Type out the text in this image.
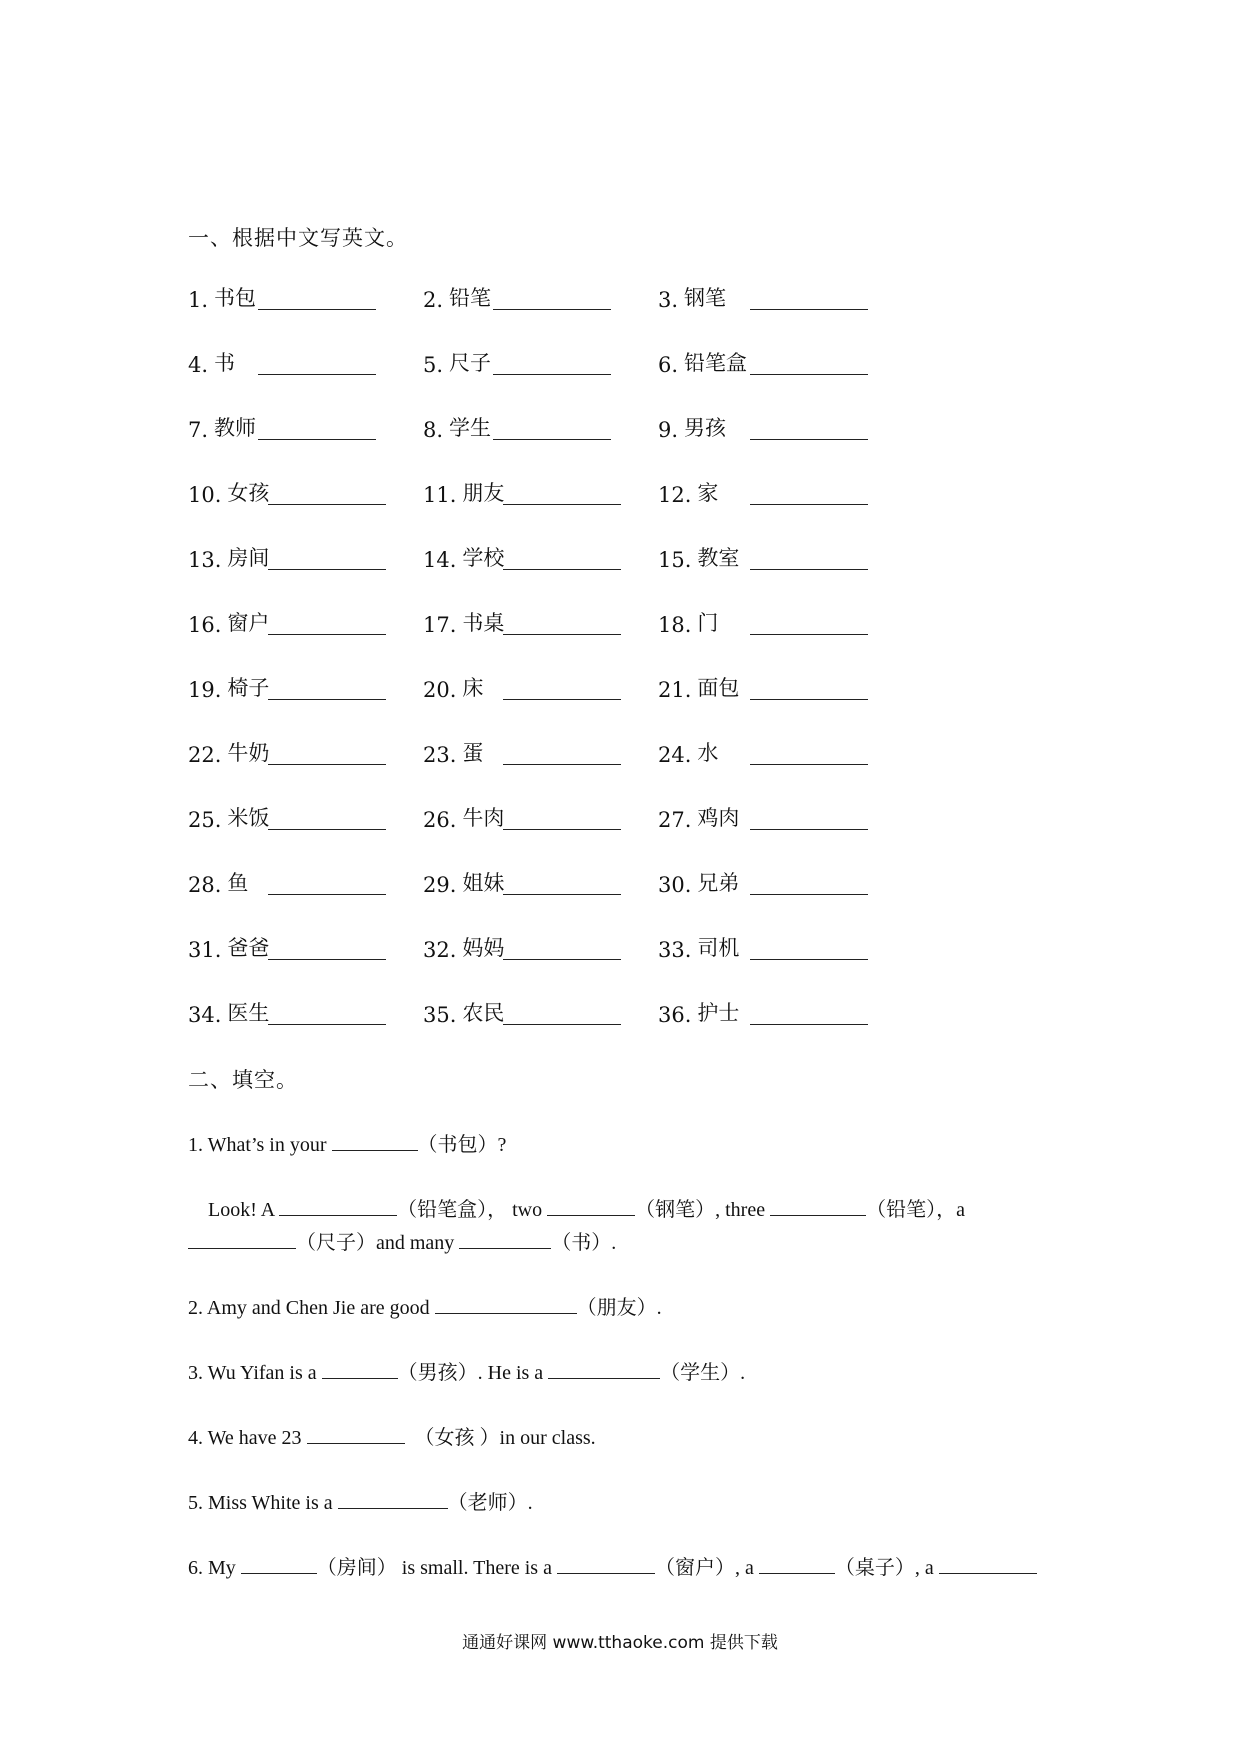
一、根据中文写英文。
1. 书包	2. 铅笔	3. 钢笔
4. 书	5. 尺子	6. 铅笔盒
7. 教师	8. 学生	9. 男孩
10. 女孩	11. 朋友	12. 家
13. 房间	14. 学校	15. 教室
16. 窗户	17. 书桌	18. 门
19. 椅子	20. 床	21. 面包
22. 牛奶	23. 蛋	24. 水
25. 米饭	26. 牛肉	27. 鸡肉
28. 鱼	29. 姐妹	30. 兄弟
31. 爸爸	32. 妈妈	33. 司机
34. 医生	35. 农民	36. 护士
二、填空。
1. What’s in your	（书包）?
Look! A	（铅笔盒）， two	（钢笔）, three	（铅笔），a
（尺子）and many	（书）.
2. Amy and Chen Jie are good	（朋友）.
3. Wu Yifan is a	（男孩）. He is a	（学生）.
4. We have 23	（女孩 ）in our class.
5. Miss White is a	（老师）.
6. My	（房间） is small. There is a	（窗户）, a	（桌子）, a
通通好课网 www.tthaoke.com 提供下载
